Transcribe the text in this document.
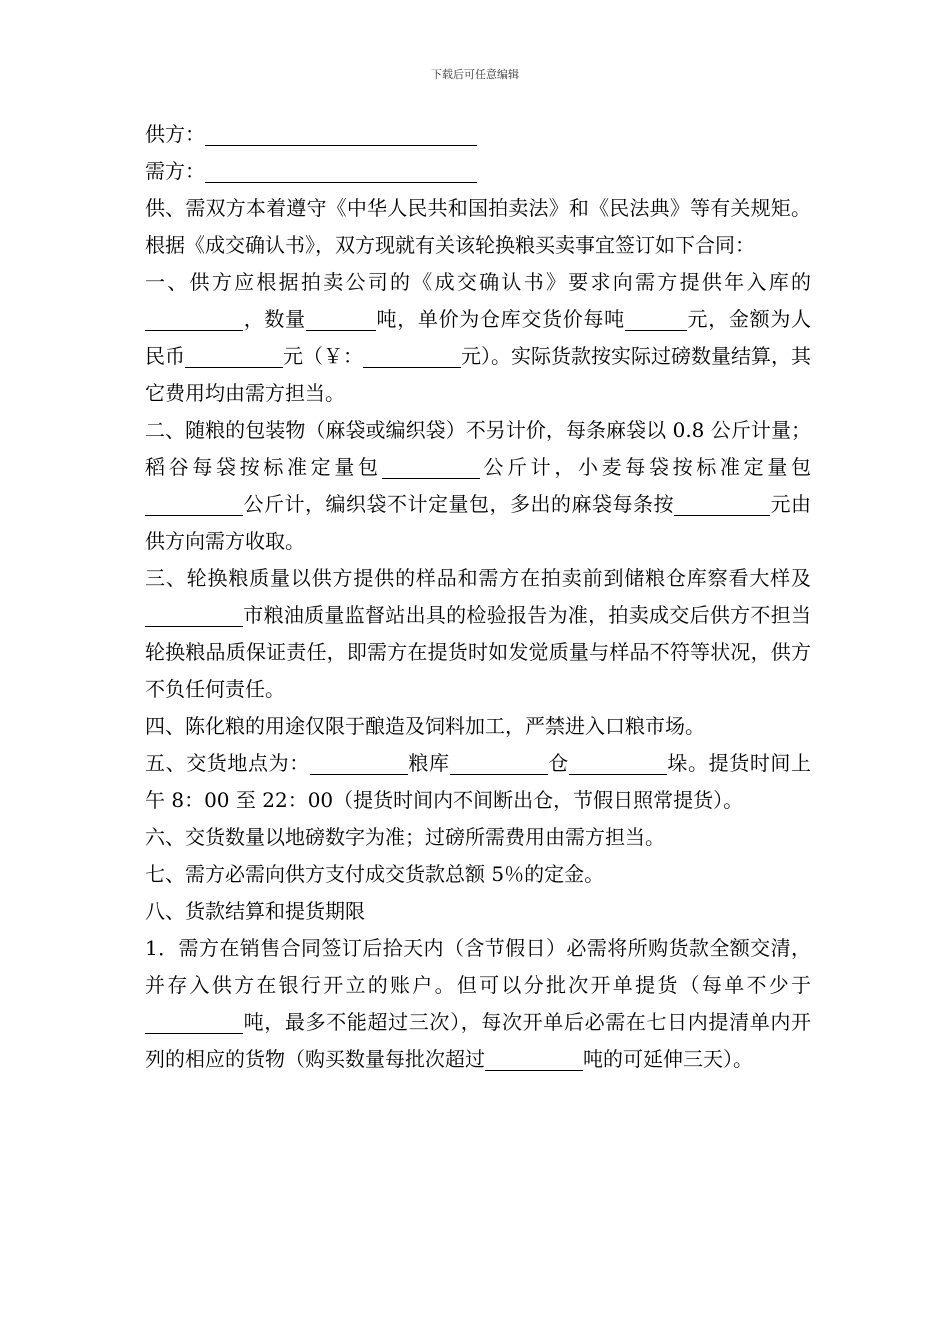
下载后可任意编辑

供方：

需方：

供、需双方本着遵守《中华人民共和国拍卖法》和《民法典》等有关规矩。根据《成交确认书》，双方现就有关该轮换粮买卖事宜签订如下合同：

一、供方应根据拍卖公司的《成交确认书》要求向需方提供年入库的，数量	吨，单价为仓库交货价每吨	元，金额为人民币	元（￥：	元）。实际货款按实际过磅数量结算，其它费用均由需方担当。

二、随粮的包装物（麻袋或编织袋）不另计价，每条麻袋以 0.8 公斤计量；稻谷每袋按标准定量包	公斤计，小麦每袋按标准定量包公斤计，编织袋不计定量包，多出的麻袋每条按	元由供方向需方收取。

三、轮换粮质量以供方提供的样品和需方在拍卖前到储粮仓库察看大样及市粮油质量监督站出具的检验报告为准，拍卖成交后供方不担当轮换粮品质保证责任，即需方在提货时如发觉质量与样品不符等状况，供方不负任何责任。

四、陈化粮的用途仅限于酿造及饲料加工，严禁进入口粮市场。

五、交货地点为：	粮库	仓	垛。提货时间上午 8：00 至 22：00（提货时间内不间断出仓，节假日照常提货）。

六、交货数量以地磅数字为准；过磅所需费用由需方担当。

七、需方必需向供方支付成交货款总额 5％的定金。

八、货款结算和提货期限

1．需方在销售合同签订后拾天内（含节假日）必需将所购货款全额交清，并存入供方在银行开立的账户。但可以分批次开单提货（每单不少于吨，最多不能超过三次），每次开单后必需在七日内提清单内开列的相应的货物（购买数量每批次超过	吨的可延伸三天）。
